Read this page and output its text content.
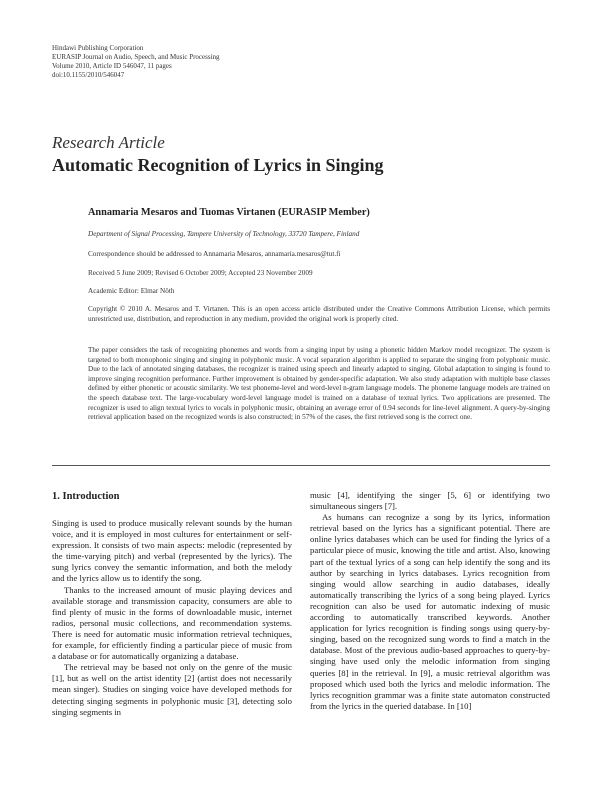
Hindawi Publishing Corporation
EURASIP Journal on Audio, Speech, and Music Processing
Volume 2010, Article ID 546047, 11 pages
doi:10.1155/2010/546047
Research Article
Automatic Recognition of Lyrics in Singing
Annamaria Mesaros and Tuomas Virtanen (EURASIP Member)
Department of Signal Processing, Tampere University of Technology, 33720 Tampere, Finland
Correspondence should be addressed to Annamaria Mesaros, annamaria.mesaros@tut.fi
Received 5 June 2009; Revised 6 October 2009; Accepted 23 November 2009
Academic Editor: Elmar Nöth
Copyright © 2010 A. Mesaros and T. Virtanen. This is an open access article distributed under the Creative Commons Attribution License, which permits unrestricted use, distribution, and reproduction in any medium, provided the original work is properly cited.
The paper considers the task of recognizing phonemes and words from a singing input by using a phonetic hidden Markov model recognizer. The system is targeted to both monophonic singing and singing in polyphonic music. A vocal separation algorithm is applied to separate the singing from polyphonic music. Due to the lack of annotated singing databases, the recognizer is trained using speech and linearly adapted to singing. Global adaptation to singing is found to improve singing recognition performance. Further improvement is obtained by gender-specific adaptation. We also study adaptation with multiple base classes defined by either phonetic or acoustic similarity. We test phoneme-level and word-level n-gram language models. The phoneme language models are trained on the speech database text. The large-vocabulary word-level language model is trained on a database of textual lyrics. Two applications are presented. The recognizer is used to align textual lyrics to vocals in polyphonic music, obtaining an average error of 0.94 seconds for line-level alignment. A query-by-singing retrieval application based on the recognized words is also constructed; in 57% of the cases, the first retrieved song is the correct one.
1. Introduction

Singing is used to produce musically relevant sounds by the human voice, and it is employed in most cultures for entertainment or self-expression. It consists of two main aspects: melodic (represented by the time-varying pitch) and verbal (represented by the lyrics). The sung lyrics convey the semantic information, and both the melody and the lyrics allow us to identify the song.

Thanks to the increased amount of music playing devices and available storage and transmission capacity, consumers are able to find plenty of music in the forms of downloadable music, internet radios, personal music collections, and recommendation systems. There is need for automatic music information retrieval techniques, for example, for efficiently finding a particular piece of music from a database or for automatically organizing a database.

The retrieval may be based not only on the genre of the music [1], but as well on the artist identity [2] (artist does not necessarily mean singer). Studies on singing voice have developed methods for detecting singing segments in polyphonic music [3], detecting solo singing segments in

music [4], identifying the singer [5, 6] or identifying two simultaneous singers [7].

As humans can recognize a song by its lyrics, information retrieval based on the lyrics has a significant potential. There are online lyrics databases which can be used for finding the lyrics of a particular piece of music, knowing the title and artist. Also, knowing part of the textual lyrics of a song can help identify the song and its author by searching in lyrics databases. Lyrics recognition from singing would allow searching in audio databases, ideally automatically transcribing the lyrics of a song being played. Lyrics recognition can also be used for automatic indexing of music according to automatically transcribed keywords. Another application for lyrics recognition is finding songs using query-by-singing, based on the recognized sung words to find a match in the database. Most of the previous audio-based approaches to query-by-singing have used only the melodic information from singing queries [8] in the retrieval. In [9], a music retrieval algorithm was proposed which used both the lyrics and melodic information. The lyrics recognition grammar was a finite state automaton constructed from the lyrics in the queried database. In [10]
